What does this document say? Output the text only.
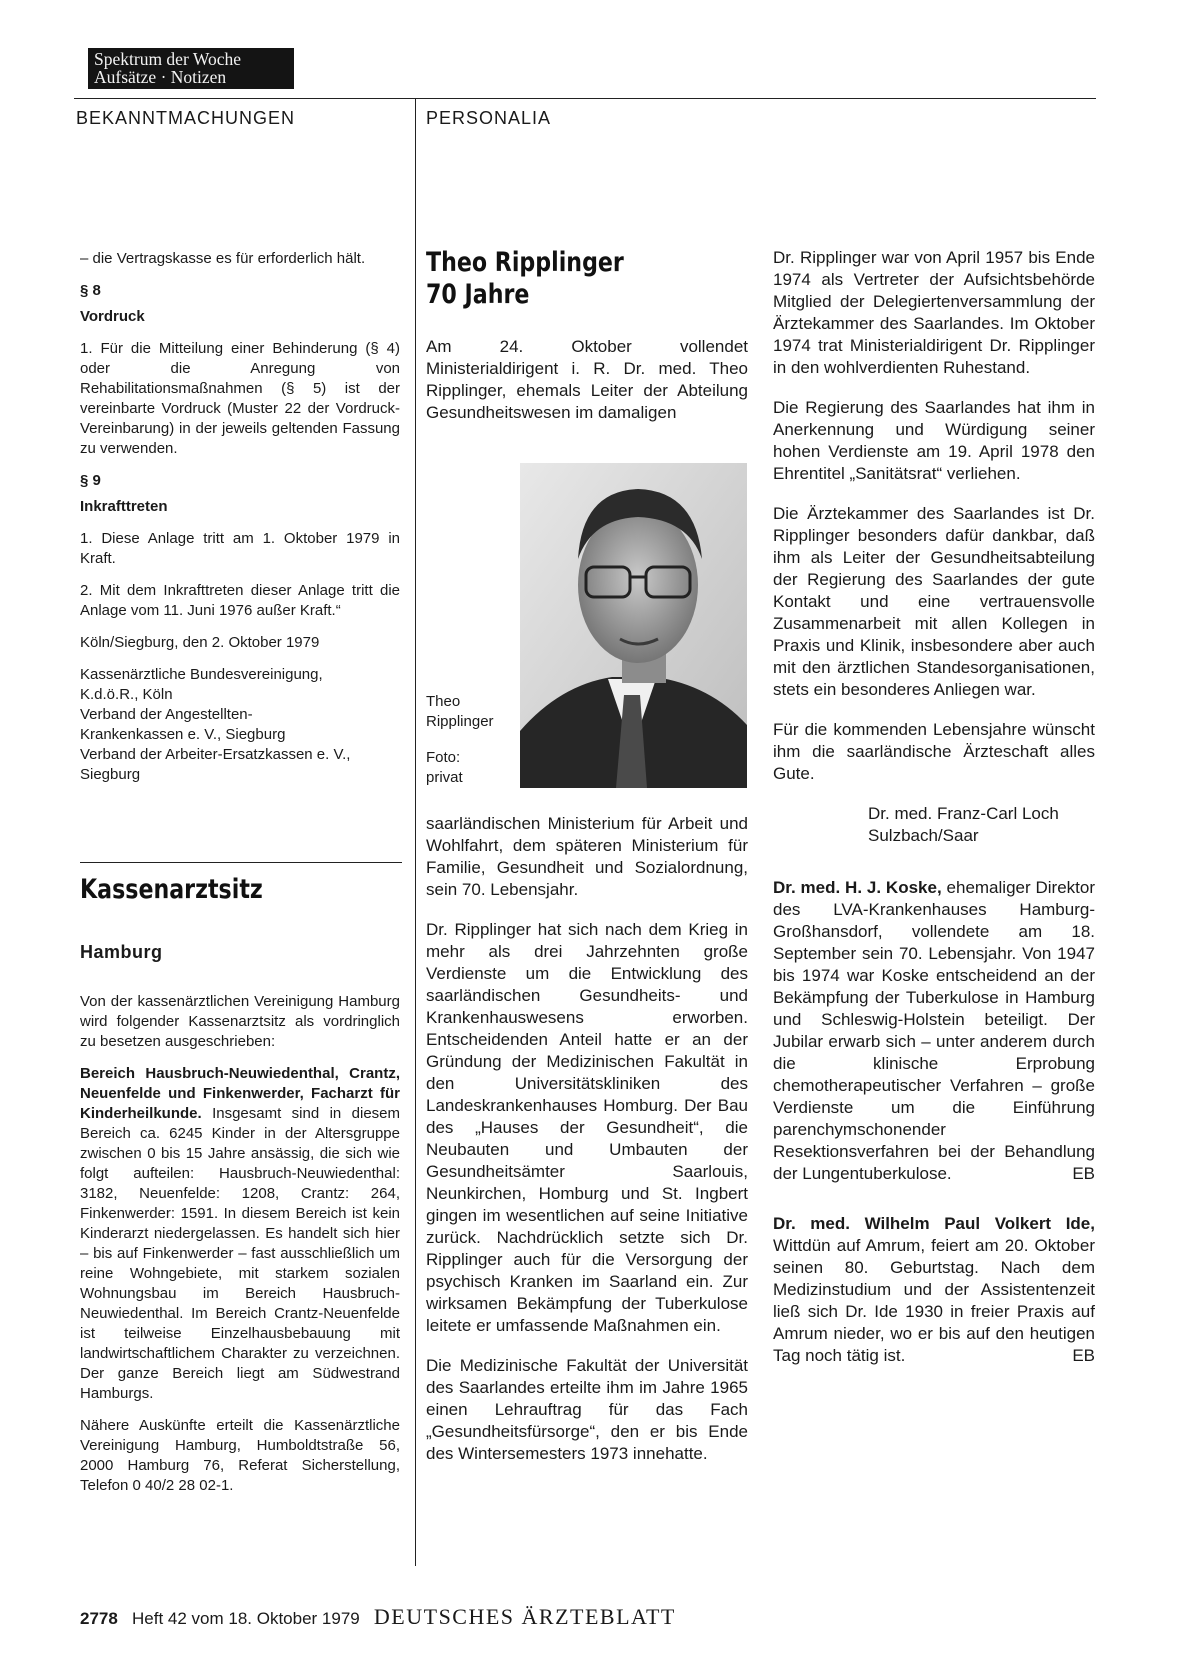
Spektrum der Woche
Aufsätze · Notizen
BEKANNTMACHUNGEN	PERSONALIA

– die Vertragskasse es für erforderlich hält.

§ 8
Vordruck

1. Für die Mitteilung einer Behinderung (§ 4) oder die Anregung von Rehabilitationsmaßnahmen (§ 5) ist der vereinbarte Vordruck (Muster 22 der Vordruck-Vereinbarung) in der jeweils geltenden Fassung zu verwenden.

§ 9
Inkrafttreten

1. Diese Anlage tritt am 1. Oktober 1979 in Kraft.

2. Mit dem Inkrafttreten dieser Anlage tritt die Anlage vom 11. Juni 1976 außer Kraft.“

Köln/Siegburg, den 2. Oktober 1979

Kassenärztliche Bundesvereinigung,
K.d.ö.R., Köln
Verband der Angestellten-
Krankenkassen e. V., Siegburg
Verband der Arbeiter-Ersatzkassen e. V.,
Siegburg
Kassenarztsitz
Hamburg

Von der kassenärztlichen Vereinigung Hamburg wird folgender Kassenarztsitz als vordringlich zu besetzen ausgeschrieben:

Bereich Hausbruch-Neuwiedenthal, Crantz, Neuenfelde und Finkenwerder, Facharzt für Kinderheilkunde. Insgesamt sind in diesem Bereich ca. 6245 Kinder in der Altersgruppe zwischen 0 bis 15 Jahre ansässig, die sich wie folgt aufteilen: Hausbruch-Neuwiedenthal: 3182, Neuenfelde: 1208, Crantz: 264, Finkenwerder: 1591. In diesem Bereich ist kein Kinderarzt niedergelassen. Es handelt sich hier – bis auf Finkenwerder – fast ausschließlich um reine Wohngebiete, mit starkem sozialen Wohnungsbau im Bereich Hausbruch-Neuwiedenthal. Im Bereich Crantz-Neuenfelde ist teilweise Einzelhausbebauung mit landwirtschaftlichem Charakter zu verzeichnen. Der ganze Bereich liegt am Südwestrand Hamburgs.

Nähere Auskünfte erteilt die Kassenärztliche Vereinigung Hamburg, Humboldtstraße 56, 2000 Hamburg 76, Referat Sicherstellung, Telefon 0 40/2 28 02-1.

Theo Ripplinger
70 Jahre

Am 24. Oktober vollendet Ministerialdirigent i. R. Dr. med. Theo Ripplinger, ehemals Leiter der Abteilung Gesundheitswesen im damaligen

Theo
Ripplinger
Foto:
privat

saarländischen Ministerium für Arbeit und Wohlfahrt, dem späteren Ministerium für Familie, Gesundheit und Sozialordnung, sein 70. Lebensjahr.

Dr. Ripplinger hat sich nach dem Krieg in mehr als drei Jahrzehnten große Verdienste um die Entwicklung des saarländischen Gesundheits- und Krankenhauswesens erworben. Entscheidenden Anteil hatte er an der Gründung der Medizinischen Fakultät in den Universitätskliniken des Landeskrankenhauses Homburg. Der Bau des „Hauses der Gesundheit“, die Neubauten und Umbauten der Gesundheitsämter Saarlouis, Neunkirchen, Homburg und St. Ingbert gingen im wesentlichen auf seine Initiative zurück. Nachdrücklich setzte sich Dr. Ripplinger auch für die Versorgung der psychisch Kranken im Saarland ein. Zur wirksamen Bekämpfung der Tuberkulose leitete er umfassende Maßnahmen ein.

Die Medizinische Fakultät der Universität des Saarlandes erteilte ihm im Jahre 1965 einen Lehrauftrag für das Fach „Gesundheitsfürsorge“, den er bis Ende des Wintersemesters 1973 innehatte.

Dr. Ripplinger war von April 1957 bis Ende 1974 als Vertreter der Aufsichtsbehörde Mitglied der Delegiertenversammlung der Ärztekammer des Saarlandes. Im Oktober 1974 trat Ministerialdirigent Dr. Ripplinger in den wohlverdienten Ruhestand.

Die Regierung des Saarlandes hat ihm in Anerkennung und Würdigung seiner hohen Verdienste am 19. April 1978 den Ehrentitel „Sanitätsrat“ verliehen.

Die Ärztekammer des Saarlandes ist Dr. Ripplinger besonders dafür dankbar, daß ihm als Leiter der Gesundheitsabteilung der Regierung des Saarlandes der gute Kontakt und eine vertrauensvolle Zusammenarbeit mit allen Kollegen in Praxis und Klinik, insbesondere aber auch mit den ärztlichen Standesorganisationen, stets ein besonderes Anliegen war.

Für die kommenden Lebensjahre wünscht ihm die saarländische Ärzteschaft alles Gute.

Dr. med. Franz-Carl Loch
Sulzbach/Saar

Dr. med. H. J. Koske, ehemaliger Direktor des LVA-Krankenhauses Hamburg-Großhansdorf, vollendete am 18. September sein 70. Lebensjahr. Von 1947 bis 1974 war Koske entscheidend an der Bekämpfung der Tuberkulose in Hamburg und Schleswig-Holstein beteiligt. Der Jubilar erwarb sich – unter anderem durch die klinische Erprobung chemotherapeutischer Verfahren – große Verdienste um die Einführung parenchymschonender Resektionsverfahren bei der Behandlung der Lungentuberkulose.	EB

Dr. med. Wilhelm Paul Volkert Ide, Wittdün auf Amrum, feiert am 20. Oktober seinen 80. Geburtstag. Nach dem Medizinstudium und der Assistentenzeit ließ sich Dr. Ide 1930 in freier Praxis auf Amrum nieder, wo er bis auf den heutigen Tag noch tätig ist.	EB

2778 Heft 42 vom 18. Oktober 1979 DEUTSCHES ÄRZTEBLATT
